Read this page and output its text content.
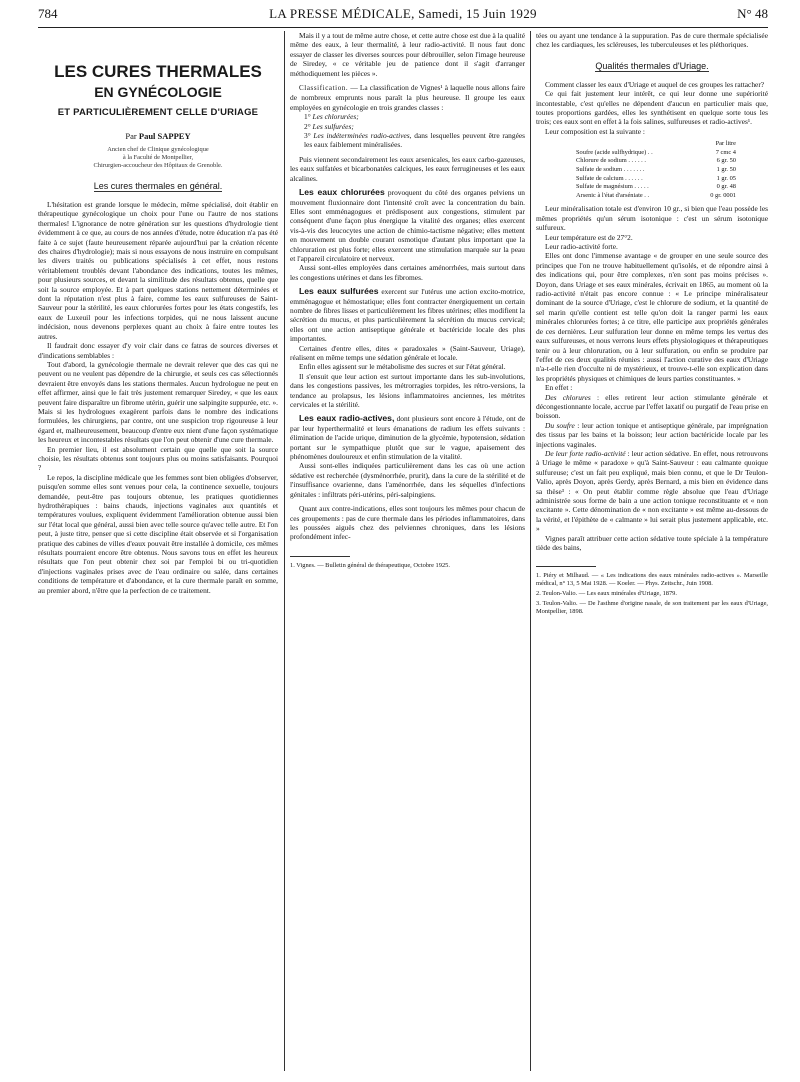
784	LA PRESSE MÉDICALE, Samedi, 15 Juin 1929	N° 48

LES CURES THERMALES

EN GYNÉCOLOGIE

ET PARTICULIÈREMENT CELLE D'URIAGE

Par Paul SAPPEY

Ancien chef de Clinique gynécologique

à la Faculté de Montpellier,

Chirurgien-accoucheur des Hôpitaux de Grenoble.

Les cures thermales en général.

L'hésitation est grande lorsque le médecin, même spécialisé, doit établir en thérapeutique gynécologique un choix pour l'une ou l'autre de nos stations thermales! L'ignorance de notre génération sur les questions d'hydrologie tient évidemment à ce que, au cours de nos années d'étude, notre éducation n'a pas été faite à ce sujet (faute heureusement réparée aujourd'hui par la création récente des chaires d'hydrologie); mais si nous essayons de nous instruire en compulsant les divers traités ou publications spécialisés à cet effet, nous restons véritablement troublés devant l'abondance des indications, toutes les mêmes, pour plusieurs sources, et devant la similitude des résultats obtenus, quelle que soit la source employée. Et à part quelques stations nettement déterminées et dont la réputation n'est plus à faire, comme les eaux sulfureuses de Saint-Sauveur pour la stérilité, les eaux chlorurées fortes pour les états congestifs, les eaux de Luxeuil pour les infections torpides, qui ne nous laissent aucune indécision, nous devenons perplexes quant au choix à faire entre toutes les autres.

Il faudrait donc essayer d'y voir clair dans ce fatras de sources diverses et d'indications semblables :

Tout d'abord, la gynécologie thermale ne devrait relever que des cas qui ne peuvent ou ne veulent pas dépendre de la chirurgie, et seuls ces cas sélectionnés devraient être envoyés dans les stations thermales. Aucun hydrologue ne peut en effet affirmer, ainsi que le fait très justement remarquer Siredey, « que les eaux peuvent faire disparaître un fibrome utérin, guérir une salpingite suppurée, etc. ». Mais si les hydrologues exagèrent parfois dans le nombre des indications formulées, les chirurgiens, par contre, ont une suspicion trop rigoureuse à leur égard et, malheureusement, beaucoup d'entre eux nient d'une façon systématique les heureux et incontestables résultats que l'on peut obtenir d'une cure thermale.

En premier lieu, il est absolument certain que quelle que soit la source choisie, les résultats obtenus sont toujours plus ou moins satisfaisants. Pourquoi ?

Le repos, la discipline médicale que les femmes sont bien obligées d'observer, puisqu'en somme elles sont venues pour cela, la continence sexuelle, toujours demandée, peut-être pas toujours obtenue, les pratiques quotidiennes hydrothérapiques : bains chauds, injections vaginales aux quantités et températures voulues, expliquent évidemment l'amélioration obtenue aussi bien sur l'état local que général, aussi bien avec telle source qu'avec telle autre. Et l'on peut, à juste titre, penser que si cette discipline était observée et si l'organisation pratique des cabines de villes d'eaux pouvait être installée à domicile, ces mêmes résultats pourraient encore être obtenus. Nous savons tous en effet les heureux résultats que l'on peut obtenir chez soi par l'emploi bi ou tri-quotidien d'injections vaginales prises avec de l'eau ordinaire ou salée, dans certaines conditions de température et d'abondance, et la cure thermale paraît en somme, au premier abord, n'être que la perfection de ce traitement.

Mais il y a tout de même autre chose, et cette autre chose est due à la qualité même des eaux, à leur thermalité, à leur radio-activité. Il nous faut donc essayer de classer les diverses sources pour débrouiller, selon l'image heureuse de Siredey, « ce véritable jeu de patience dont il s'agit d'arranger méthodiquement les pièces ».

Classification. — La classification de Vignes¹ à laquelle nous allons faire de nombreux emprunts nous paraît la plus heureuse. Il groupe les eaux employées en gynécologie en trois grandes classes :

1° Les chlorurées;

2° Les sulfurées;

3° Les indéterminées radio-actives, dans lesquelles peuvent être rangées les eaux faiblement minéralisées.

Puis viennent secondairement les eaux arsenicales, les eaux carbo-gazeuses, les eaux sulfatées et bicarbonatées calciques, les eaux ferrugineuses et les eaux alcalines.

Les eaux chlorurées provoquent du côté des organes pelviens un mouvement fluxionnaire dont l'intensité croît avec la concentration du bain. Elles sont emménagogues et prédisposent aux congestions, stimulent par conséquent d'une façon plus énergique la vitalité des organes; elles exercent vis-à-vis des leucocytes une action de chimio-tactisme négative; elles mettent en mouvement un double courant osmotique d'autant plus important que la chloruration est plus forte; elles exercent une stimulation marquée sur la peau et l'appareil circulatoire et nerveux.

Aussi sont-elles employées dans certaines aménorrhées, mais surtout dans les congestions utérines et dans les fibromes.

Les eaux sulfurées exercent sur l'utérus une action excito-motrice, emménagogue et hémostatique; elles font contracter énergiquement un certain nombre de fibres lisses et particulièrement les fibres utérines; elles modifient la sécrétion du mucus, et plus particulièrement la sécrétion du mucus cervical; elles ont une action antiseptique générale et bactéricide locale des plus importantes.

Certaines d'entre elles, dites « paradoxales » (Saint-Sauveur, Uriage), réalisent en même temps une sédation générale et locale.

Enfin elles agissent sur le métabolisme des sucres et sur l'état général.

Il s'ensuit que leur action est surtout importante dans les sub-involutions, dans les congestions passives, les métrorragies torpides, les rétro-versions, la tendance au prolapsus, les lésions inflammatoires anciennes, les métrites cervicales et la stérilité.

Les eaux radio-actives, dont plusieurs sont encore à l'étude, ont de par leur hyperthermalité et leurs émanations de radium les effets suivants : élimination de l'acide urique, diminution de la glycémie, hypotension, sédation portant sur le sympathique plutôt que sur le vague, apaisement des phénomènes douloureux et enfin stimulation de la vitalité.

Aussi sont-elles indiquées particulièrement dans les cas où une action sédative est recherchée (dysménorrhée, prurit), dans la cure de la stérilité et de l'insuffisance ovarienne, dans l'aménorrhée, dans les séquelles d'infections génitales : infiltrats péri-utérins, péri-salpingiens.

Quant aux contre-indications, elles sont toujours les mêmes pour chacun de ces groupements : pas de cure thermale dans les périodes inflammatoires, dans les poussées aiguës chez des pelviennes chroniques, dans les lésions profondément infec-

1. Vignes. — Bulletin général de thérapeutique, Octobre 1925.

tées ou ayant une tendance à la suppuration. Pas de cure thermale spécialisée chez les cardiaques, les scléreuses, les tuberculeuses et les pléthoriques.

Qualités thermales d'Uriage.

Comment classer les eaux d'Uriage et auquel de ces groupes les rattacher?

Ce qui fait justement leur intérêt, ce qui leur donne une supériorité incontestable, c'est qu'elles ne dépendent d'aucun en particulier mais que, toutes proportions gardées, elles les synthétisent en quelque sorte tous les trois; ces eaux sont en effet à la fois salines, sulfureuses et radio-actives¹.

Leur composition est la suivante :

Par litre
Soufre (acide sulfhydrique) . .	7 cmc 4
Chlorure de sodium . . . . . .	6 gr. 50
Sulfate de sodium . . . . . . .	1 gr. 50
Sulfate de calcium . . . . . .	1 gr. 05
Sulfate de magnésium . . . . .	0 gr. 48
Arsenic à l'état d'arséniate . .	0 gr. 0001

Leur minéralisation totale est d'environ 10 gr., si bien que l'eau possède les mêmes propriétés qu'un sérum isotonique : c'est un sérum isotonique sulfureux.

Leur température est de 27°2.

Leur radio-activité forte.

Elles ont donc l'immense avantage « de grouper en une seule source des principes que l'on ne trouve habituellement qu'isolés, et de répondre ainsi à des indications qui, pour être complexes, n'en sont pas moins précises ». Doyon, dans Uriage et ses eaux minérales, écrivait en 1865, au moment où la radio-activité n'était pas encore connue : « Le principe minéralisateur dominant de la source d'Uriage, c'est le chlorure de sodium, et la quantité de sel marin qu'elle contient est telle qu'on doit la ranger parmi les eaux minérales chlorurées fortes; à ce titre, elle participe aux propriétés générales de ces dernières. Leur sulfuration leur donne en même temps les vertus des eaux sulfureuses, et nous verrons leurs effets physiologiques et thérapeutiques tenir ou à leur chloruration, ou à leur sulfuration, ou enfin se produire par l'effet de ces deux qualités réunies : aussi l'action curative des eaux d'Uriage n'a-t-elle rien d'occulte ni de mystérieux, et trouve-t-elle son explication dans les propriétés physiques et chimiques de leurs parties constituantes. »

En effet :

Des chlorures : elles retirent leur action stimulante générale et décongestionnante locale, accrue par l'effet laxatif ou purgatif de l'eau prise en boisson.

Du soufre : leur action tonique et antiseptique générale, par imprégnation des tissus par les bains et la boisson; leur action bactéricide locale par les injections vaginales.

De leur forte radio-activité : leur action sédative. En effet, nous retrouvons à Uriage le même « paradoxe » qu'à Saint-Sauveur : eau calmante quoique sulfureuse; c'est un fait peu expliqué, mais bien connu, et que le Dr Teulon-Valio, après Doyon, après Gerdy, après Bernard, a mis bien en évidence dans sa thèse³ : « On peut établir comme règle absolue que l'eau d'Uriage administrée sous forme de bain a une action tonique reconstituante et « non excitante ». Cette dénomination de « non excitante » est même au-dessous de la vérité, et l'épithète de « calmante » lui serait plus justement applicable, etc. »

Vignes paraît attribuer cette action sédative toute spéciale à la température tiède des bains,

1. Piéry et Milhaud. — « Les indications des eaux minérales radio-actives ». Marseille médical, n° 13, 5 Mai 1928. — Koeler. — Phys. Zeitschr., Juin 1908.

2. Teulon-Valio. — Les eaux minérales d'Uriage, 1879.

3. Teulon-Valio. — De l'asthme d'origine nasale, de son traitement par les eaux d'Uriage, Montpellier, 1898.
